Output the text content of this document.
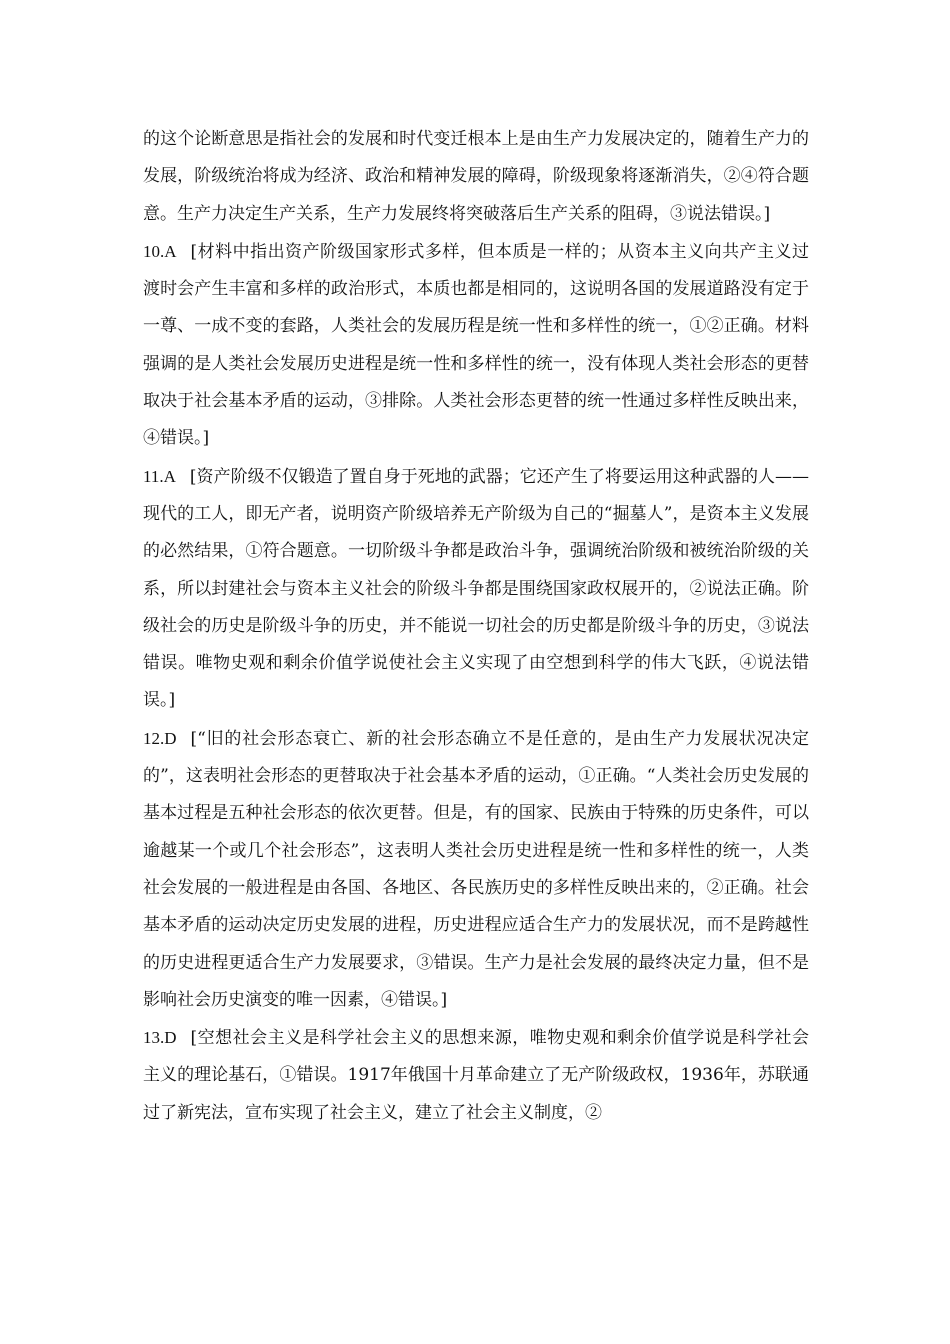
的这个论断意思是指社会的发展和时代变迁根本上是由生产力发展决定的，随着生产力的发展，阶级统治将成为经济、政治和精神发展的障碍，阶级现象将逐渐消失，②④符合题意。生产力决定生产关系，生产力发展终将突破落后生产关系的阻碍，③说法错误。]

10.A [材料中指出资产阶级国家形式多样，但本质是一样的；从资本主义向共产主义过渡时会产生丰富和多样的政治形式，本质也都是相同的，这说明各国的发展道路没有定于一尊、一成不变的套路，人类社会的发展历程是统一性和多样性的统一，①②正确。材料强调的是人类社会发展历史进程是统一性和多样性的统一，没有体现人类社会形态的更替取决于社会基本矛盾的运动，③排除。人类社会形态更替的统一性通过多样性反映出来，④错误。]

11.A [资产阶级不仅锻造了置自身于死地的武器；它还产生了将要运用这种武器的人——现代的工人，即无产者，说明资产阶级培养无产阶级为自己的“掘墓人”，是资本主义发展的必然结果，①符合题意。一切阶级斗争都是政治斗争，强调统治阶级和被统治阶级的关系，所以封建社会与资本主义社会的阶级斗争都是围绕国家政权展开的，②说法正确。阶级社会的历史是阶级斗争的历史，并不能说一切社会的历史都是阶级斗争的历史，③说法错误。唯物史观和剩余价值学说使社会主义实现了由空想到科学的伟大飞跃，④说法错误。]

12.D [“旧的社会形态衰亡、新的社会形态确立不是任意的，是由生产力发展状况决定的”，这表明社会形态的更替取决于社会基本矛盾的运动，①正确。“人类社会历史发展的基本过程是五种社会形态的依次更替。但是，有的国家、民族由于特殊的历史条件，可以逾越某一个或几个社会形态”，这表明人类社会历史进程是统一性和多样性的统一，人类社会发展的一般进程是由各国、各地区、各民族历史的多样性反映出来的，②正确。社会基本矛盾的运动决定历史发展的进程，历史进程应适合生产力的发展状况，而不是跨越性的历史进程更适合生产力发展要求，③错误。生产力是社会发展的最终决定力量，但不是影响社会历史演变的唯一因素，④错误。]

13.D [空想社会主义是科学社会主义的思想来源，唯物史观和剩余价值学说是科学社会主义的理论基石，①错误。1917年俄国十月革命建立了无产阶级政权，1936年，苏联通过了新宪法，宣布实现了社会主义，建立了社会主义制度，②
